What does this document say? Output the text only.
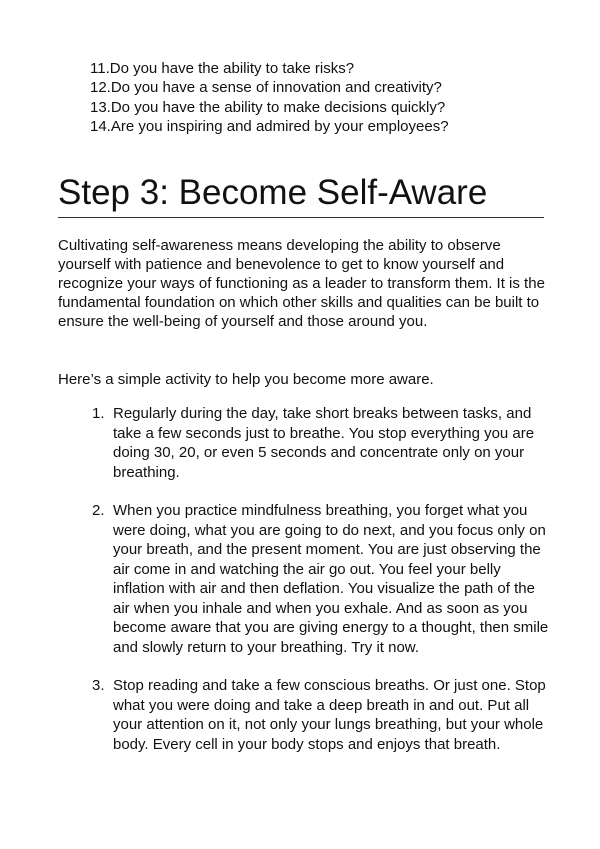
11.Do you have the ability to take risks?
12.Do you have a sense of innovation and creativity?
13.Do you have the ability to make decisions quickly?
14.Are you inspiring and admired by your employees?
Step 3: Become Self-Aware

Cultivating self-awareness means developing the ability to observe yourself with patience and benevolence to get to know yourself and recognize your ways of functioning as a leader to transform them. It is the fundamental foundation on which other skills and qualities can be built to ensure the well-being of yourself and those around you.

Here’s a simple activity to help you become more aware.

1. Regularly during the day, take short breaks between tasks, and take a few seconds just to breathe. You stop everything you are doing 30, 20, or even 5 seconds and concentrate only on your breathing.
2. When you practice mindfulness breathing, you forget what you were doing, what you are going to do next, and you focus only on your breath, and the present moment. You are just observing the air come in and watching the air go out. You feel your belly inflation with air and then deflation. You visualize the path of the air when you inhale and when you exhale. And as soon as you become aware that you are giving energy to a thought, then smile and slowly return to your breathing. Try it now.
3. Stop reading and take a few conscious breaths. Or just one. Stop what you were doing and take a deep breath in and out. Put all your attention on it, not only your lungs breathing, but your whole body. Every cell in your body stops and enjoys that breath.
